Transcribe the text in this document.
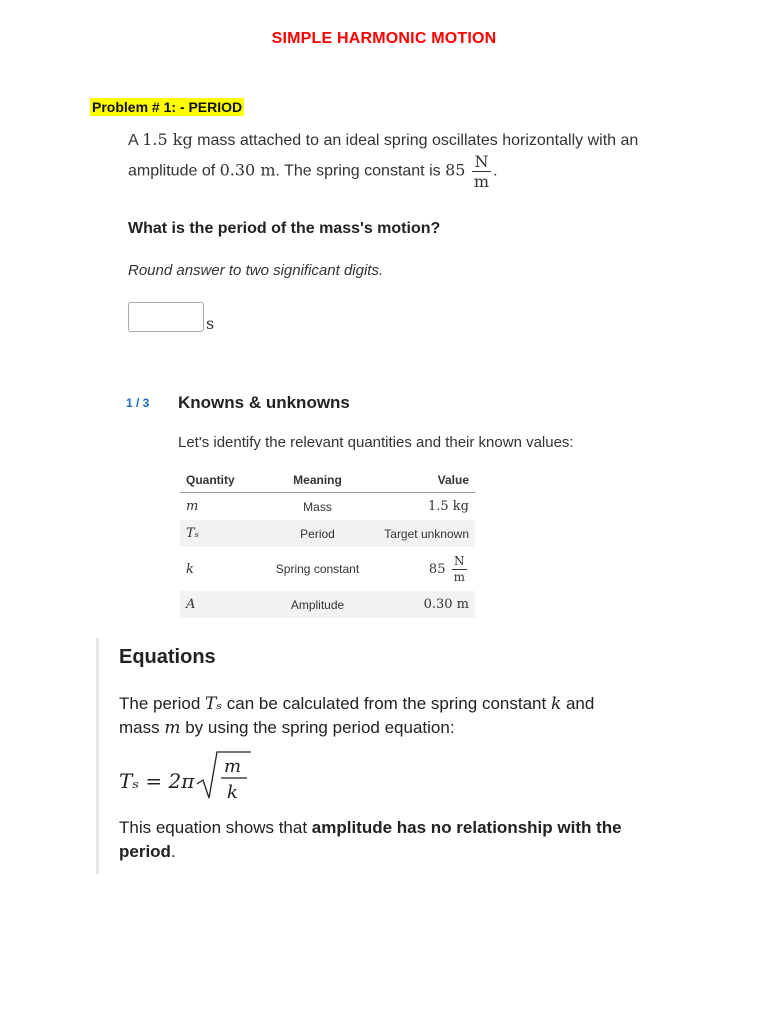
SIMPLE HARMONIC MOTION
Problem # 1: - PERIOD
A 1.5 kg mass attached to an ideal spring oscillates horizontally with an
amplitude of 0.30 m. The spring constant is $85 \frac{N}{m}$ .
What is the period of the mass's motion?
Round answer to two significant digits.
s
1 / 3 Knowns & unknowns
Let's identify the relevant quantities and their known values:
Quantity	Meaning	Value
m	Mass	1.5 kg
Tₛ	Period	Target unknown
k	Spring constant	$85 \frac{N}{m}$

A	Amplitude	0.30 m
Equations
The period Tₛ can be calculated from the spring constant k and
mass m by using the spring period equation:
Tₛ = 2π
m
k
This equation shows that amplitude has no relationship with the
period.
